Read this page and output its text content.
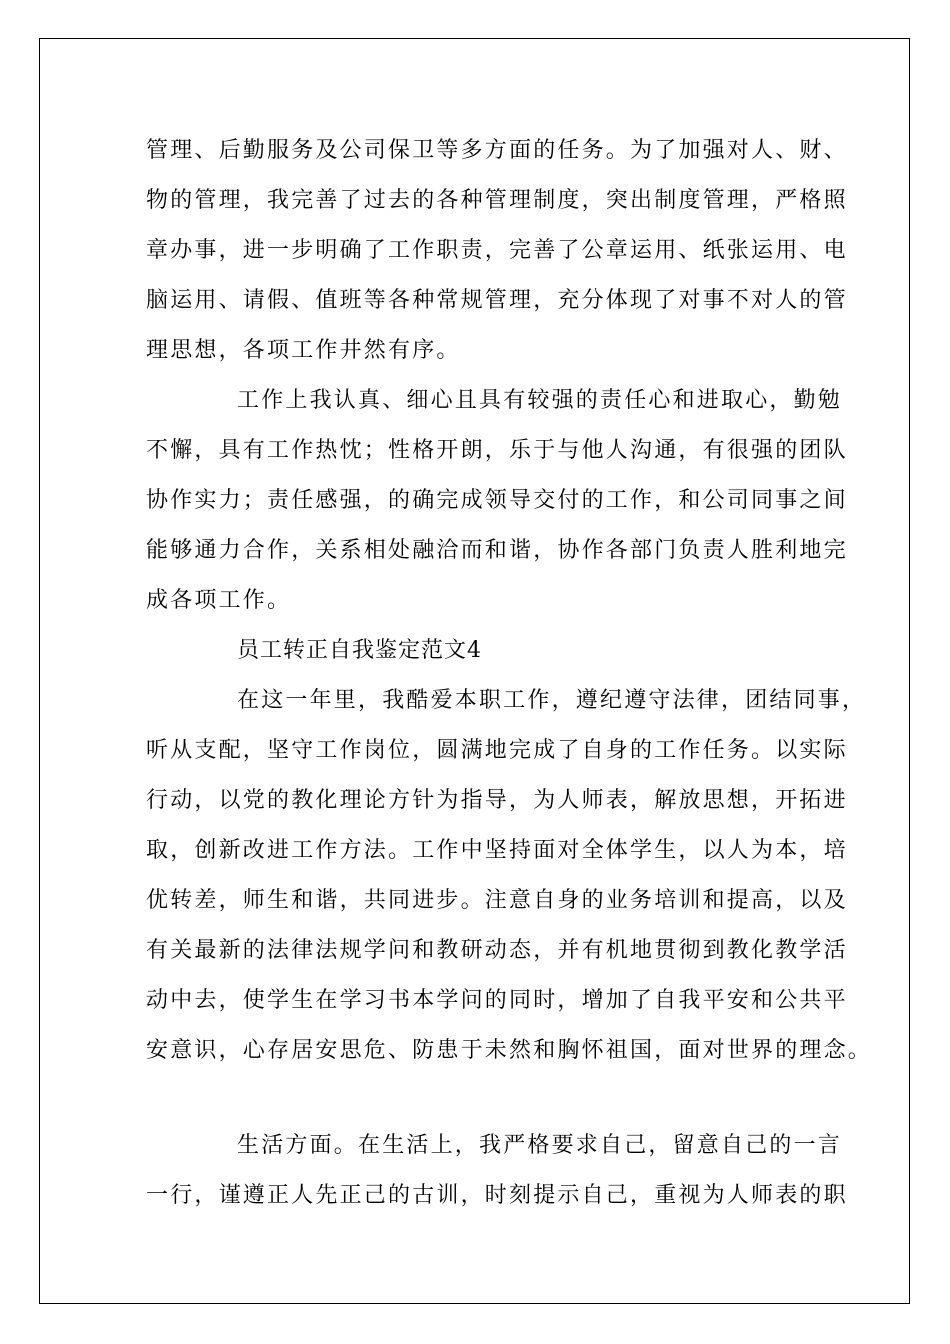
管理、后勤服务及公司保卫等多方面的任务。为了加强对人、财、
物的管理，我完善了过去的各种管理制度，突出制度管理，严格照
章办事，进一步明确了工作职责，完善了公章运用、纸张运用、电
脑运用、请假、值班等各种常规管理，充分体现了对事不对人的管
理思想，各项工作井然有序。
工作上我认真、细心且具有较强的责任心和进取心，勤勉
不懈，具有工作热忱；性格开朗，乐于与他人沟通，有很强的团队
协作实力；责任感强，的确完成领导交付的工作，和公司同事之间
能够通力合作，关系相处融洽而和谐，协作各部门负责人胜利地完
成各项工作。
员工转正自我鉴定范文4
在这一年里，我酷爱本职工作，遵纪遵守法律，团结同事，
听从支配，坚守工作岗位，圆满地完成了自身的工作任务。以实际
行动，以党的教化理论方针为指导，为人师表，解放思想，开拓进
取，创新改进工作方法。工作中坚持面对全体学生，以人为本，培
优转差，师生和谐，共同进步。注意自身的业务培训和提高，以及
有关最新的法律法规学问和教研动态，并有机地贯彻到教化教学活
动中去，使学生在学习书本学问的同时，增加了自我平安和公共平
安意识，心存居安思危、防患于未然和胸怀祖国，面对世界的理念。
生活方面。在生活上，我严格要求自己，留意自己的一言
一行，谨遵正人先正己的古训，时刻提示自己，重视为人师表的职
